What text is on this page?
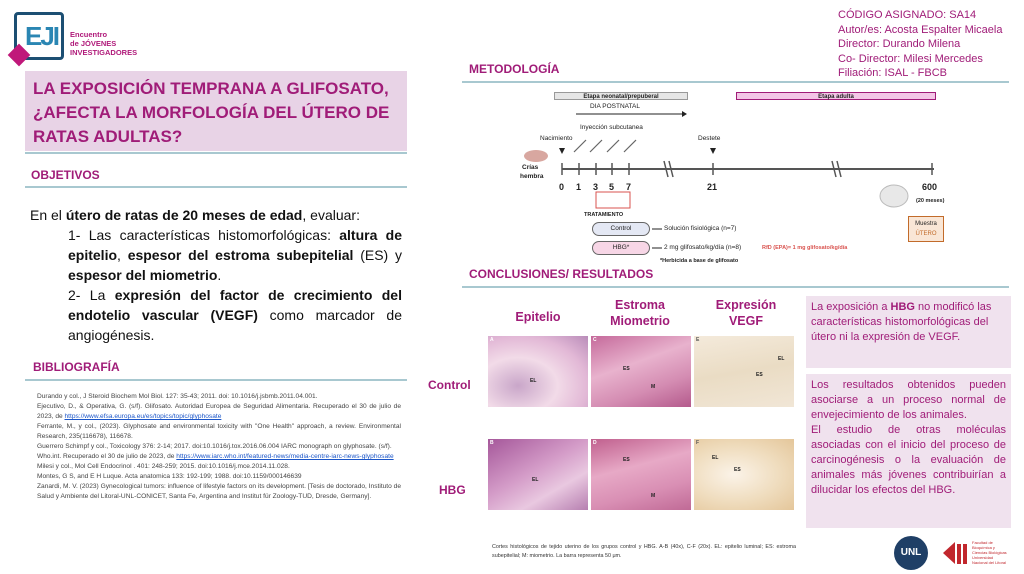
EJI Encuentro
de JÓVENES
INVESTIGADORES
CÓDIGO ASIGNADO: SA14
Autor/es: Acosta Espalter Micaela
Director: Durando Milena
Co- Director: Milesi Mercedes
Filiación: ISAL - FBCB
LA EXPOSICIÓN TEMPRANA A GLIFOSATO, ¿AFECTA LA MORFOLOGÍA DEL ÚTERO DE RATAS ADULTAS?
OBJETIVOS

En el útero de ratas de 20 meses de edad, evaluar:

1- Las características histomorfológicas: altura de epitelio, espesor del estroma subepitelial (ES) y espesor del miometrio.

2- La expresión del factor de crecimiento del endotelio vascular (VEGF) como marcador de angiogénesis.

BIBLIOGRAFÍA
Durando y col., J Steroid Biochem Mol Biol. 127: 35-43; 2011. doi: 10.1016/j.jsbmb.2011.04.001.
Ejecutivo, D., & Operativa, G. (s/f). Glifosato. Autoridad Europea de Seguridad Alimentaria. Recuperado el 30 de julio de 2023, de https://www.efsa.europa.eu/es/topics/topic/glyphosate
Ferrante, M., y col., (2023). Glyphosate and environmental toxicity with "One Health" approach, a review. Environmental Research, 235(116678), 116678.
Guerrero Schimpf y col., Toxicology 376: 2-14; 2017. doi:10.1016/j.tox.2016.06.004 IARC monograph on glyphosate. (s/f).
Who.int. Recuperado el 30 de julio de 2023, de https://www.iarc.who.int/featured-news/media-centre-iarc-news-glyphosate
Milesi y col., Mol Cell Endocrinol . 401: 248-259; 2015. doi:10.1016/j.mce.2014.11.028.
Montes, G S, and E H Luque. Acta anatomica 133: 192-199; 1988. doi:10.1159/000146639
Zanardi, M. V. (2023) Gynecological tumors: influence of lifestyle factors on its development. [Tesis de doctorado, Instituto de Salud y Ambiente del Litoral-UNL-CONICET, Santa Fe, Argentina and Institut für Zoology-TUD, Dresde, Germany].
METODOLOGÍA
Etapa neonatal/prepuberal	Etapa adulta
DIA POSTNATAL
Nacimiento
Inyección subcutanea
Destete
Crías
hembra
0 1 3 5 7	21	600
(20 meses)
Muestra
ÚTERO
TRATAMIENTO
Control
HBG*
Solución fisiológica (n=7)
2 mg glifosato/kg/día (n=8)	RfD (EPA)= 1 mg glifosato/kg/día
*Herbicida a base de glifosato
CONCLUSIONES/ RESULTADOS
Epitelio
Estroma
Miometrio
Expresión
VEGF
Control
HBG
A
EL
C
ES
M
E
EL
ES
B
EL
D
ES
M
F
EL
ES
Cortes histológicos de tejido uterino de los grupos control y HBG. A-B (40x), C-F (20x). EL: epitelio luminal; ES: estroma subepitelial; M: miometrio. La barra representa 50 μm.
La exposición a HBG no modificó las características histomorfológicas del útero ni la expresión de VEGF.
Los resultados obtenidos pueden asociarse a un proceso normal de envejecimiento de los animales.
El estudio de otras moléculas asociadas con el inicio del proceso de carcinogénesis o la evaluación de animales más jóvenes contribuirían a dilucidar los efectos del HBG.
UNL
Facultad de
Bioquímica y
Ciencias Biológicas
Universidad
Nacional del Litoral
